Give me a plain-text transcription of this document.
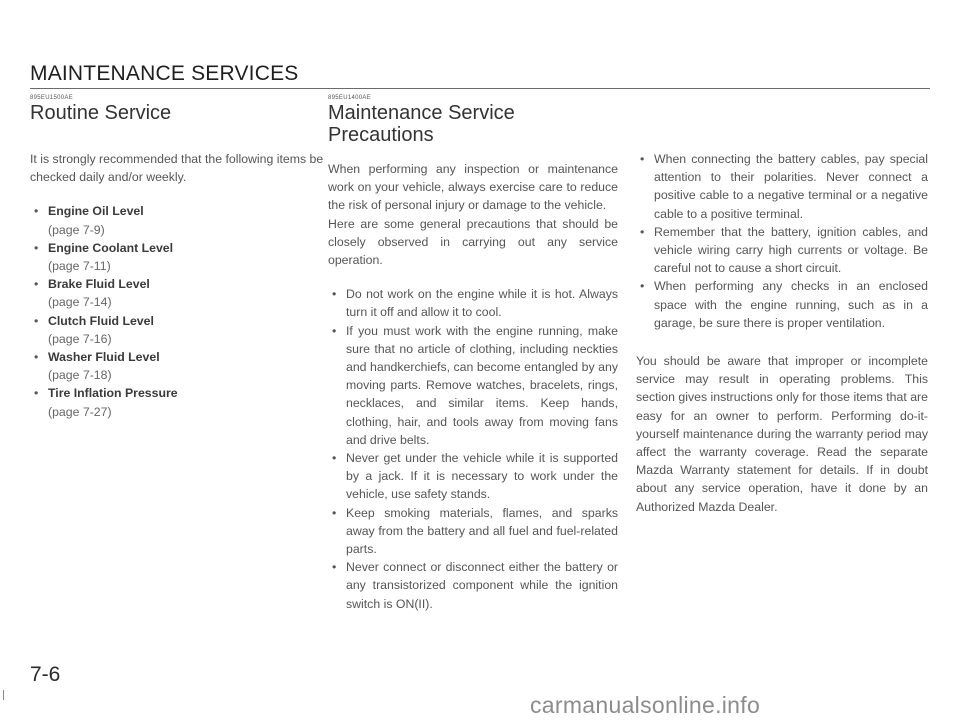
MAINTENANCE SERVICES
895EU1500AE
Routine Service
It is strongly recommended that the following items be checked daily and/or weekly.
• Engine Oil Level
(page 7-9)
• Engine Coolant Level
(page 7-11)
• Brake Fluid Level
(page 7-14)
• Clutch Fluid Level
(page 7-16)
• Washer Fluid Level
(page 7-18)
• Tire Inflation Pressure
(page 7-27)
895EU1400AE
Maintenance Service
Precautions
When performing any inspection or maintenance work on your vehicle, always exercise care to reduce the risk of personal injury or damage to the vehicle.
Here are some general precautions that should be closely observed in carrying out any service operation.
• Do not work on the engine while it is hot. Always turn it off and allow it to cool.
• If you must work with the engine running, make sure that no article of clothing, including neckties and handkerchiefs, can become entangled by any moving parts. Remove watches, bracelets, rings, necklaces, and similar items. Keep hands, clothing, hair, and tools away from moving fans and drive belts.
• Never get under the vehicle while it is supported by a jack. If it is necessary to work under the vehicle, use safety stands.
• Keep smoking materials, flames, and sparks away from the battery and all fuel and fuel-related parts.
• Never connect or disconnect either the battery or any transistorized component while the ignition switch is ON(II).
• When connecting the battery cables, pay special attention to their polarities. Never connect a positive cable to a negative terminal or a negative cable to a positive terminal.
• Remember that the battery, ignition cables, and vehicle wiring carry high currents or voltage. Be careful not to cause a short circuit.
• When performing any checks in an enclosed space with the engine running, such as in a garage, be sure there is proper ventilation.
You should be aware that improper or incomplete service may result in operating problems. This section gives instructions only for those items that are easy for an owner to perform. Performing do-it-yourself maintenance during the warranty period may affect the warranty coverage. Read the separate Mazda Warranty statement for details. If in doubt about any service operation, have it done by an Authorized Mazda Dealer.
7-6
carmanualsonline.info
